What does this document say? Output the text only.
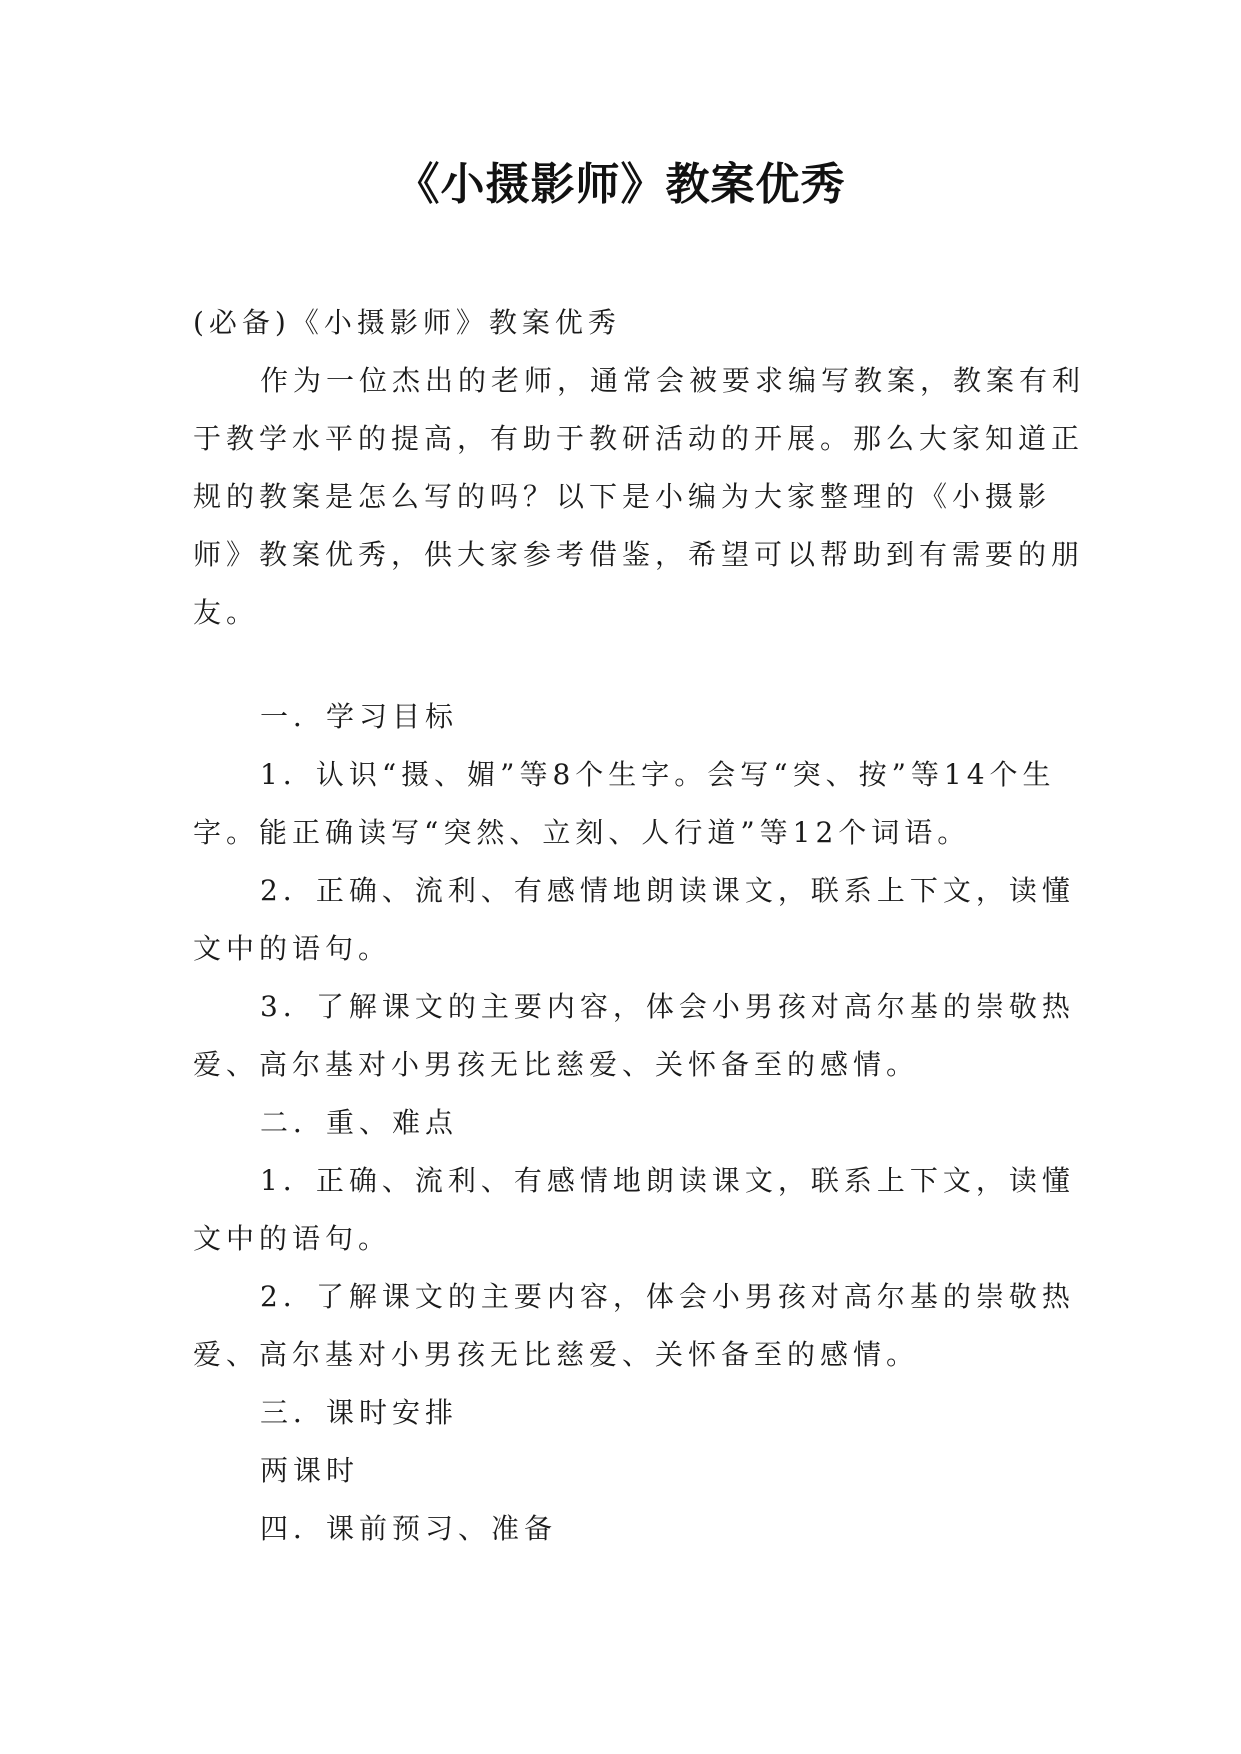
《小摄影师》教案优秀

(必备)《小摄影师》教案优秀

作为一位杰出的老师，通常会被要求编写教案，教案有利于教学水平的提高，有助于教研活动的开展。那么大家知道正规的教案是怎么写的吗？以下是小编为大家整理的《小摄影师》教案优秀，供大家参考借鉴，希望可以帮助到有需要的朋友。

一．学习目标

1．认识“摄、媚”等8个生字。会写“突、按”等14个生字。能正确读写“突然、立刻、人行道”等12个词语。

2．正确、流利、有感情地朗读课文，联系上下文，读懂文中的语句。

3．了解课文的主要内容，体会小男孩对高尔基的崇敬热爱、高尔基对小男孩无比慈爱、关怀备至的感情。

二．重、难点

1．正确、流利、有感情地朗读课文，联系上下文，读懂文中的语句。

2．了解课文的主要内容，体会小男孩对高尔基的崇敬热爱、高尔基对小男孩无比慈爱、关怀备至的感情。

三．课时安排

两课时

四．课前预习、准备
